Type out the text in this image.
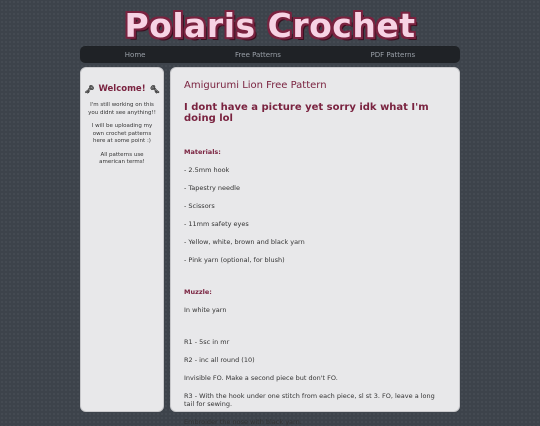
Polaris Crochet
Home	Free Patterns	PDF Patterns
🗝 Welcome! 🗝

I'm still working on this you didnt see anything!!

I will be uploading my own crochet patterns here at some point :)

All patterns use american terms!

Amigurumi Lion Free Pattern
I dont have a picture yet sorry idk what I'm doing lol
Materials:

- 2.5mm hook

- Tapestry needle

- Scissors

- 11mm safety eyes

- Yellow, white, brown and black yarn

- Pink yarn (optional, for blush)

Muzzle:

In white yarn

R1 - 5sc in mr

R2 - inc all round (10)

Invisible FO. Make a second piece but don't FO.

R3 - With the hook under one stitch from each piece, sl st 3. FO, leave a long tail for sewing.

Embroider the nose with black yarn.
